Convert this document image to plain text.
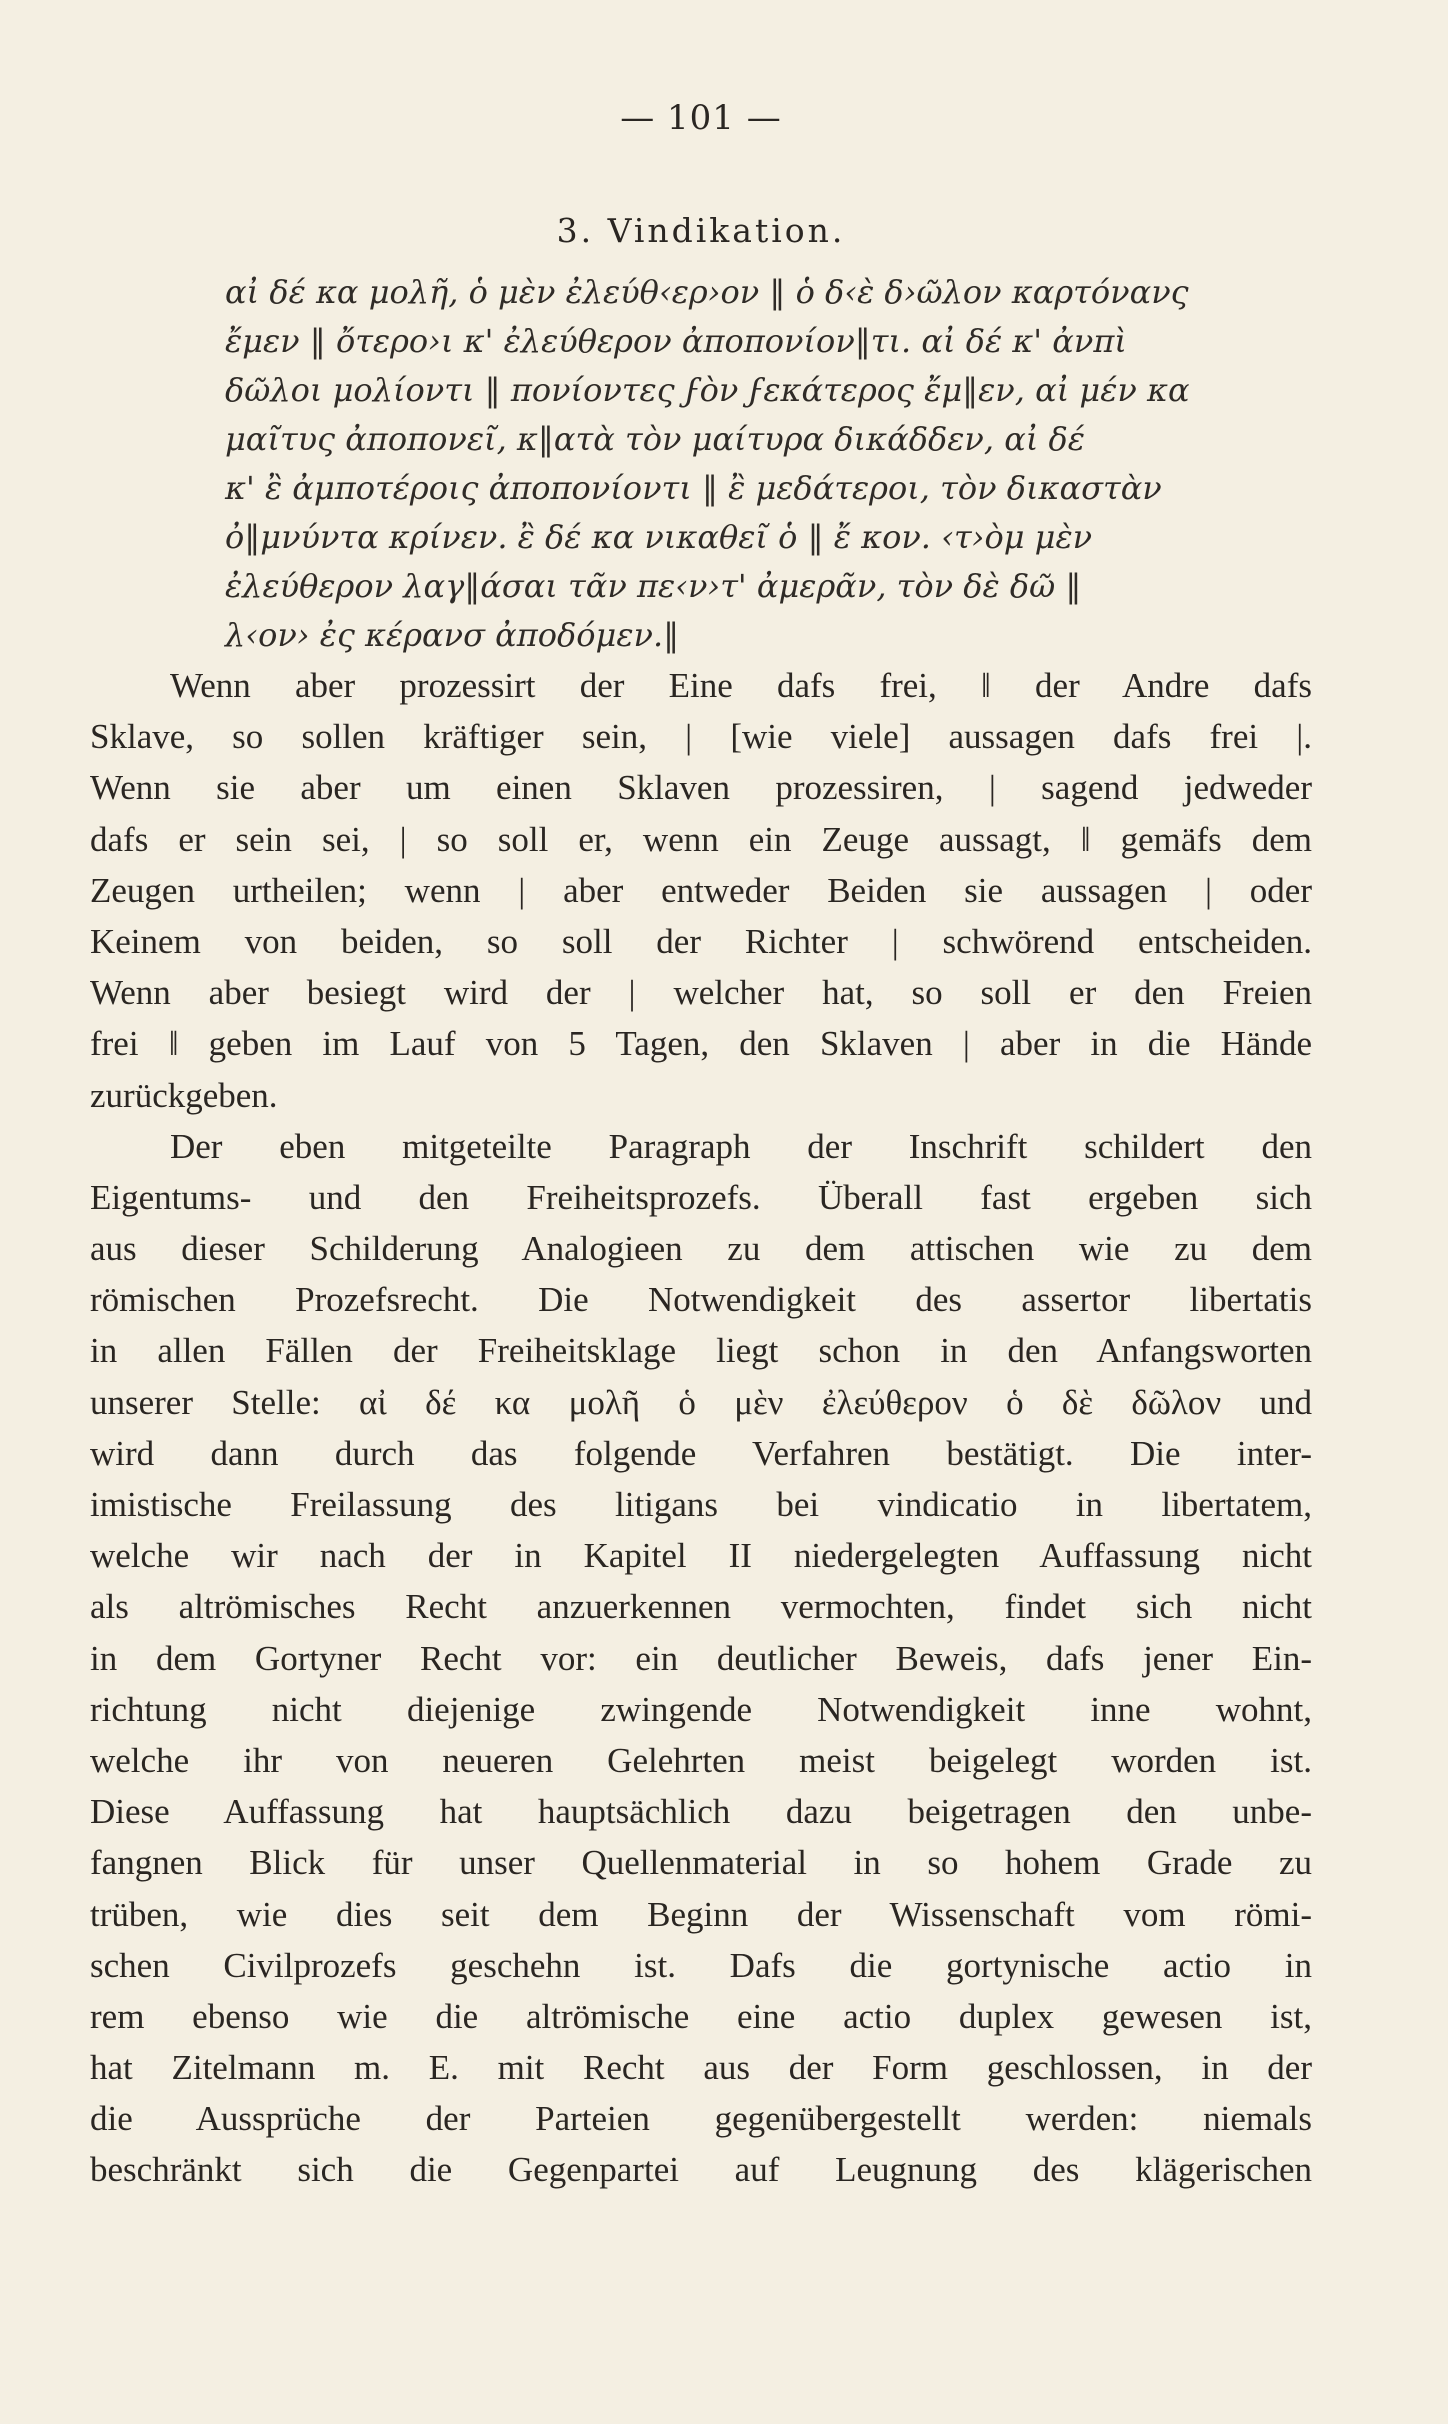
— 101 —
3. Vindikation.
αἰ δέ κα μολῆ, ὁ μὲν ἐλεύθ‹ερ›ον ‖ ὁ δ‹ὲ δ›ῶλον καρτόνανς
ἔμεν ‖ ὄτερο›ι κ' ἐλεύθερον ἀποπονίον‖τι. αἰ δέ κ' ἀνπὶ
δῶλοι μολίοντι ‖ πονίοντες ϝὸν ϝεκάτερος ἔμ‖εν, αἰ μέν κα
μαῖτυς ἀποπονεῖ, κ‖ατὰ τὸν μαίτυρα δικάδδεν, αἰ δέ
κ' ἒ ἀμποτέροις ἀποπονίοντι ‖ ἒ μεδάτεροι, τὸν δικαστὰν
ὀ‖μνύντα κρίνεν. ἒ δέ κα νικαθεῖ ὁ ‖ ἔ κον. ‹τ›ὸμ μὲν
ἐλεύθερον λαγ‖άσαι τᾶν πε‹ν›τ' ἀμερᾶν, τὸν δὲ δῶ ‖
λ‹ον› ἐς κέρανσ ἀποδόμεν.‖
Wenn aber prozessirt der Eine dafs frei, ‖ der Andre dafs
Sklave, so sollen kräftiger sein, | [wie viele] aussagen dafs frei |.
Wenn sie aber um einen Sklaven prozessiren, | sagend jedweder
dafs er sein sei, | so soll er, wenn ein Zeuge aussagt, ‖ gemäfs dem
Zeugen urtheilen; wenn | aber entweder Beiden sie aussagen | oder
Keinem von beiden, so soll der Richter | schwörend entscheiden.
Wenn aber besiegt wird der | welcher hat, so soll er den Freien
frei ‖ geben im Lauf von 5 Tagen, den Sklaven | aber in die Hände
zurückgeben.
Der eben mitgeteilte Paragraph der Inschrift schildert den
Eigentums- und den Freiheitsprozefs. Überall fast ergeben sich
aus dieser Schilderung Analogieen zu dem attischen wie zu dem
römischen Prozefsrecht. Die Notwendigkeit des assertor libertatis
in allen Fällen der Freiheitsklage liegt schon in den Anfangsworten
unserer Stelle: αἰ δέ κα μολῆ ὁ μὲν ἐλεύθερον ὁ δὲ δῶλον und
wird dann durch das folgende Verfahren bestätigt. Die inter-
imistische Freilassung des litigans bei vindicatio in libertatem,
welche wir nach der in Kapitel II niedergelegten Auffassung nicht
als altrömisches Recht anzuerkennen vermochten, findet sich nicht
in dem Gortyner Recht vor: ein deutlicher Beweis, dafs jener Ein-
richtung nicht diejenige zwingende Notwendigkeit inne wohnt,
welche ihr von neueren Gelehrten meist beigelegt worden ist.
Diese Auffassung hat hauptsächlich dazu beigetragen den unbe-
fangnen Blick für unser Quellenmaterial in so hohem Grade zu
trüben, wie dies seit dem Beginn der Wissenschaft vom römi-
schen Civilprozefs geschehn ist. Dafs die gortynische actio in
rem ebenso wie die altrömische eine actio duplex gewesen ist,
hat Zitelmann m. E. mit Recht aus der Form geschlossen, in der
die Aussprüche der Parteien gegenübergestellt werden: niemals
beschränkt sich die Gegenpartei auf Leugnung des klägerischen
